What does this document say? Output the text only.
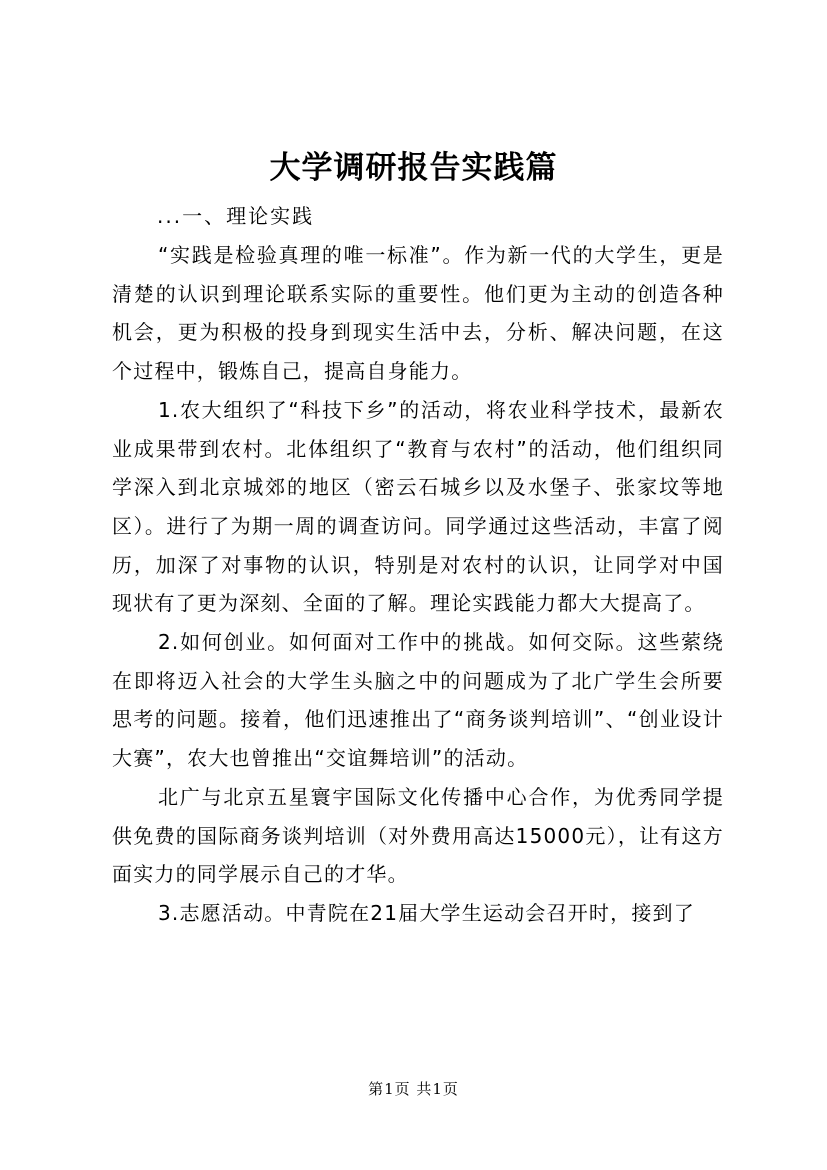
大学调研报告实践篇
...一、理论实践

“实践是检验真理的唯一标准”。作为新一代的大学生，更是清楚的认识到理论联系实际的重要性。他们更为主动的创造各种机会，更为积极的投身到现实生活中去，分析、解决问题，在这个过程中，锻炼自己，提高自身能力。

1.农大组织了“科技下乡”的活动，将农业科学技术，最新农业成果带到农村。北体组织了“教育与农村”的活动，他们组织同学深入到北京城郊的地区（密云石城乡以及水堡子、张家坟等地区）。进行了为期一周的调查访问。同学通过这些活动，丰富了阅历，加深了对事物的认识，特别是对农村的认识，让同学对中国现状有了更为深刻、全面的了解。理论实践能力都大大提高了。

2.如何创业。如何面对工作中的挑战。如何交际。这些萦绕在即将迈入社会的大学生头脑之中的问题成为了北广学生会所要思考的问题。接着，他们迅速推出了“商务谈判培训”、“创业设计大赛”，农大也曾推出“交谊舞培训”的活动。

北广与北京五星寰宇国际文化传播中心合作，为优秀同学提供免费的国际商务谈判培训（对外费用高达15000元），让有这方面实力的同学展示自己的才华。

3.志愿活动。中青院在21届大学生运动会召开时，接到了

第1页 共1页
